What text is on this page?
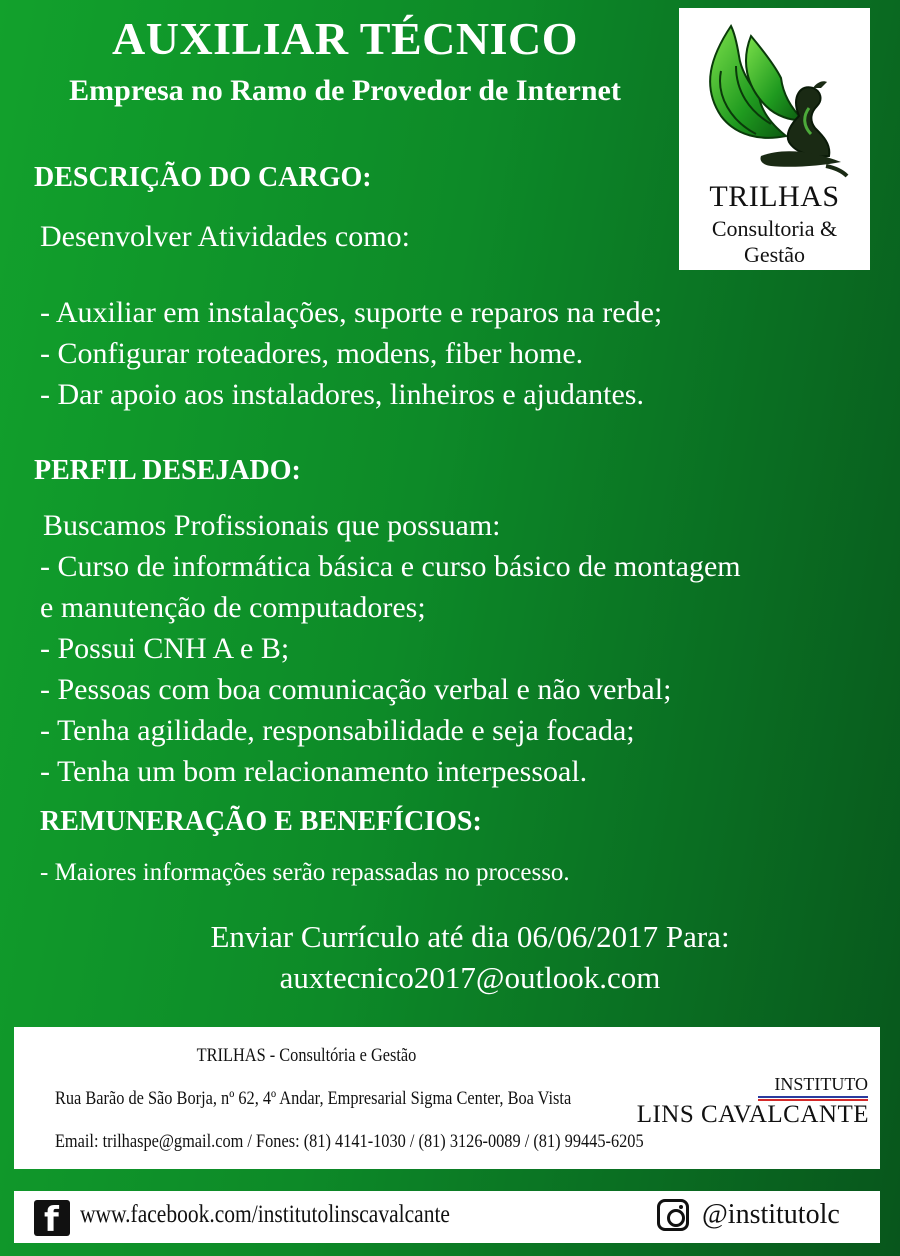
AUXILIAR TÉCNICO
Empresa no Ramo de Provedor de Internet
TRILHAS
Consultoria & Gestão
DESCRIÇÃO DO CARGO:
Desenvolver Atividades como:
- Auxiliar em instalações, suporte e reparos na rede;
- Configurar roteadores, modens, fiber home.
- Dar apoio aos instaladores, linheiros e ajudantes.
PERFIL DESEJADO:
Buscamos Profissionais que possuam:
- Curso de informática básica e curso básico de montagem
e manutenção de computadores;
- Possui CNH A e B;
- Pessoas com boa comunicação verbal e não verbal;
- Tenha agilidade, responsabilidade e seja focada;
- Tenha um bom relacionamento interpessoal.
REMUNERAÇÃO E BENEFÍCIOS:
- Maiores informações serão repassadas no processo.
Enviar Currículo até dia 06/06/2017 Para:
auxtecnico2017@outlook.com
TRILHAS - Consultória e Gestão
Rua Barão de São Borja, nº 62, 4º Andar, Empresarial Sigma Center, Boa Vista
Email: trilhaspe@gmail.com / Fones: (81) 4141-1030 / (81) 3126-0089 / (81) 99445-6205
INSTITUTO
LINS CAVALCANTE
f www.facebook.com/institutolinscavalcante	@institutolc
